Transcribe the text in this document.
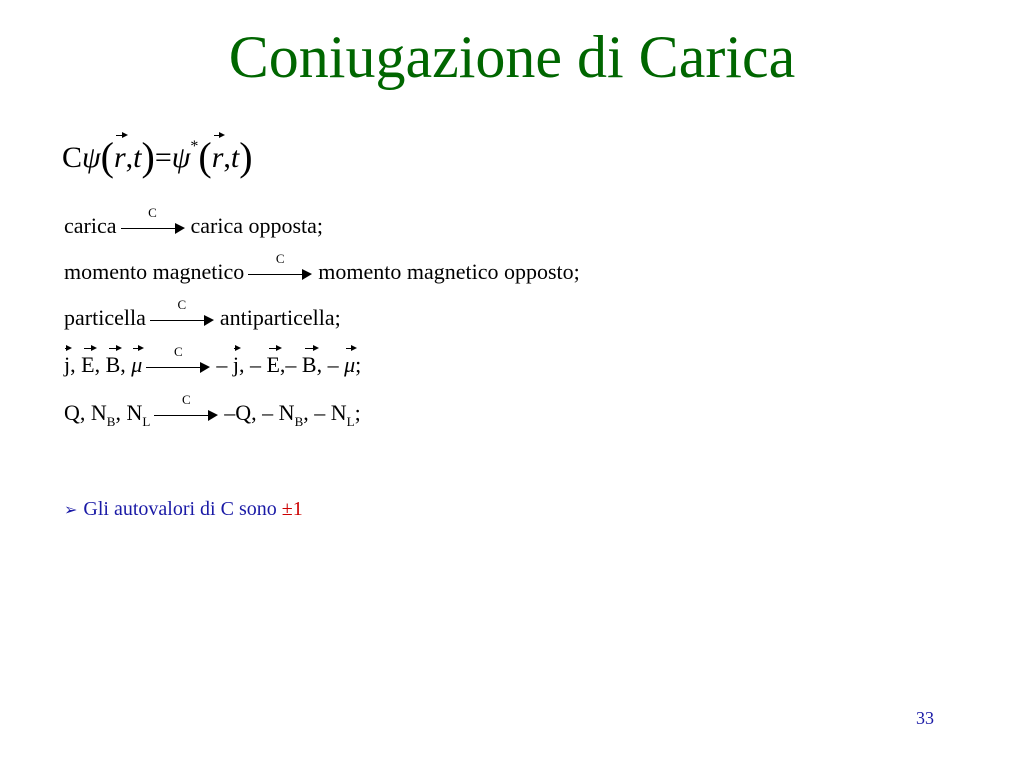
Coniugazione di Carica
Cψ(r,t)=ψ*(r,t)
carica
C
carica opposta;
momento magnetico
C
momento magnetico opposto;
particella
C
antiparticella;
j, E, B, μ
C
– j, – E,– B, – μ;
Q, $N_B$, $N_L$
C
–Q, – $N_B$, – $N_L$;
➢ Gli autovalori di C sono ±1
33
